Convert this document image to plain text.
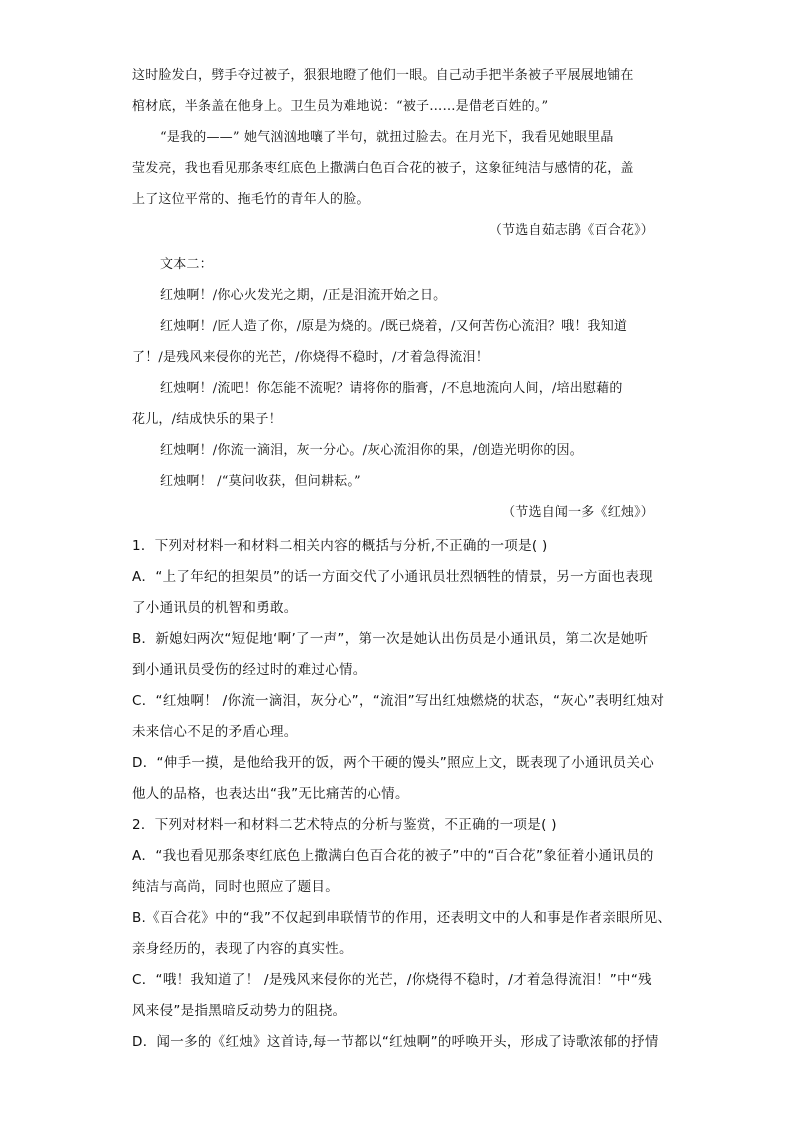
这时脸发白，劈手夺过被子，狠狠地瞪了他们一眼。自己动手把半条被子平展展地铺在
棺材底，半条盖在他身上。卫生员为难地说：“被子……是借老百姓的。”
“是我的——” 她气汹汹地嚷了半句，就扭过脸去。在月光下，我看见她眼里晶
莹发亮，我也看见那条枣红底色上撒满白色百合花的被子，这象征纯洁与感情的花，盖
上了这位平常的、拖毛竹的青年人的脸。
（节选自茹志鹃《百合花》）
文本二：
红烛啊！/你心火发光之期，/正是泪流开始之日。
红烛啊！/匠人造了你，/原是为烧的。/既已烧着，/又何苦伤心流泪？哦！我知道
了！/是残风来侵你的光芒，/你烧得不稳时，/才着急得流泪！
红烛啊！/流吧！你怎能不流呢？请将你的脂膏，/不息地流向人间，/培出慰藉的
花儿，/结成快乐的果子！
红烛啊！/你流一滴泪，灰一分心。/灰心流泪你的果，/创造光明你的因。
红烛啊！ /“莫问收获，但问耕耘。”
（节选自闻一多《红烛》）
1．下列对材料一和材料二相关内容的概括与分析,不正确的一项是( )
A．“上了年纪的担架员”的话一方面交代了小通讯员壮烈牺牲的情景，另一方面也表现
了小通讯员的机智和勇敢。
B．新媳妇两次“短促地‘啊’了一声”，第一次是她认出伤员是小通讯员，第二次是她听
到小通讯员受伤的经过时的难过心情。
C．“红烛啊！ /你流一滴泪，灰分心”，“流泪”写出红烛燃烧的状态，“灰心”表明红烛对
未来信心不足的矛盾心理。
D．“伸手一摸，是他给我开的饭，两个干硬的馒头”照应上文，既表现了小通讯员关心
他人的品格，也表达出“我”无比痛苦的心情。
2．下列对材料一和材料二艺术特点的分析与鉴赏，不正确的一项是( )
A．“我也看见那条枣红底色上撒满白色百合花的被子”中的“百合花”象征着小通讯员的
纯洁与高尚，同时也照应了题目。
B.《百合花》中的“我”不仅起到串联情节的作用，还表明文中的人和事是作者亲眼所见、
亲身经历的，表现了内容的真实性。
C．“哦！我知道了！ /是残风来侵你的光芒，/你烧得不稳时，/才着急得流泪！”中“残
风来侵”是指黑暗反动势力的阻挠。
D．闻一多的《红烛》这首诗,每一节都以“红烛啊”的呼唤开头，形成了诗歌浓郁的抒情
